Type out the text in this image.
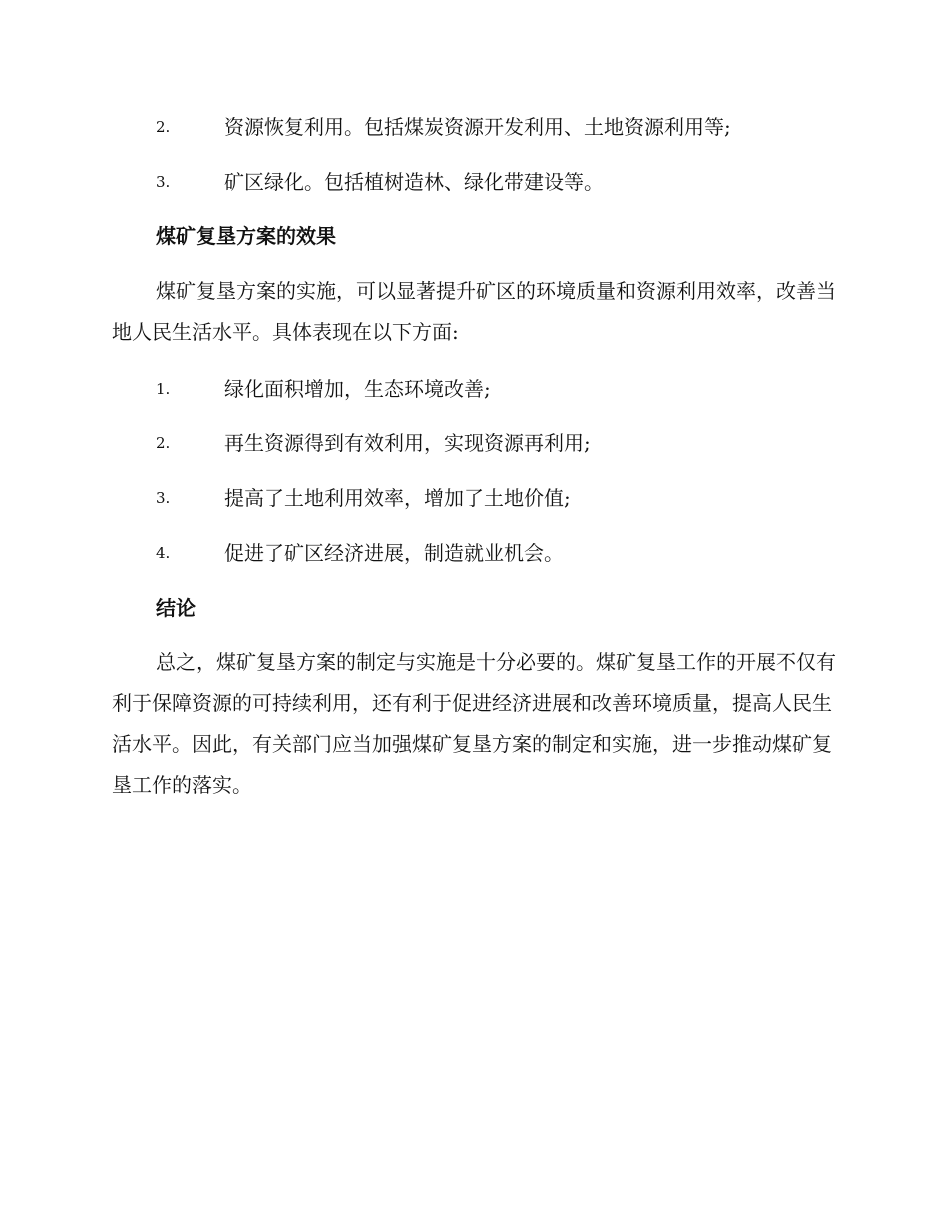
2.	资源恢复利用。包括煤炭资源开发利用、土地资源利用等;
3.	矿区绿化。包括植树造林、绿化带建设等。
煤矿复垦方案的效果

煤矿复垦方案的实施，可以显著提升矿区的环境质量和资源利用效率，改善当地人民生活水平。具体表现在以下方面:

1.	绿化面积增加，生态环境改善;
2.	再生资源得到有效利用，实现资源再利用;
3.	提高了土地利用效率，增加了土地价值;
4.	促进了矿区经济进展，制造就业机会。
结论

总之，煤矿复垦方案的制定与实施是十分必要的。煤矿复垦工作的开展不仅有利于保障资源的可持续利用，还有利于促进经济进展和改善环境质量，提高人民生活水平。因此，有关部门应当加强煤矿复垦方案的制定和实施，进一步推动煤矿复垦工作的落实。
